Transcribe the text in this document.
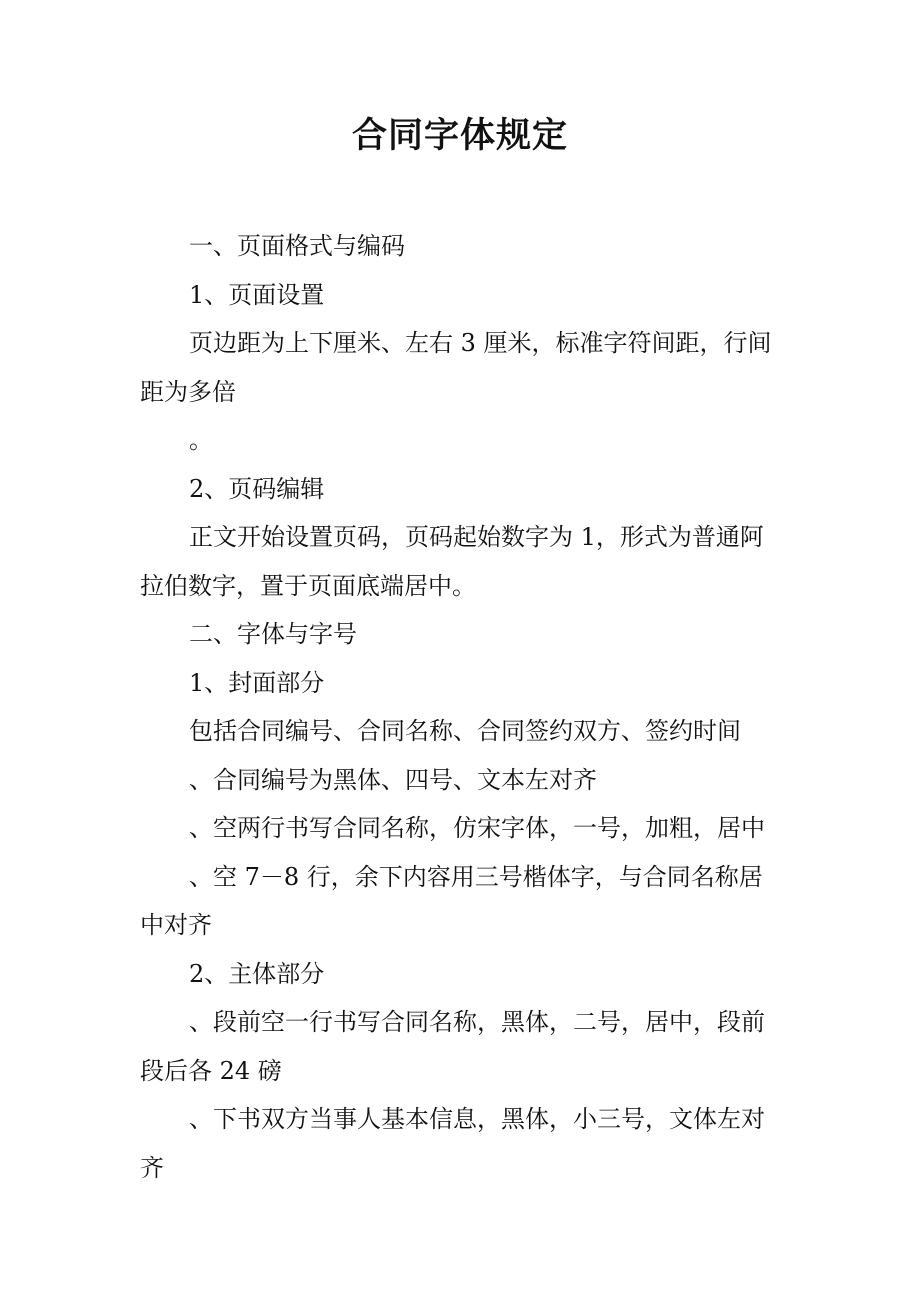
合同字体规定

一、页面格式与编码

1、页面设置

页边距为上下厘米、左右 3 厘米，标准字符间距，行间

距为多倍

。

2、页码编辑

正文开始设置页码，页码起始数字为 1，形式为普通阿

拉伯数字，置于页面底端居中。

二、字体与字号

1、封面部分

包括合同编号、合同名称、合同签约双方、签约时间

、合同编号为黑体、四号、文本左对齐

、空两行书写合同名称，仿宋字体，一号，加粗，居中

、空 7－8 行，余下内容用三号楷体字，与合同名称居

中对齐

2、主体部分

、段前空一行书写合同名称，黑体，二号，居中，段前

段后各 24 磅

、下书双方当事人基本信息，黑体，小三号，文体左对

齐
